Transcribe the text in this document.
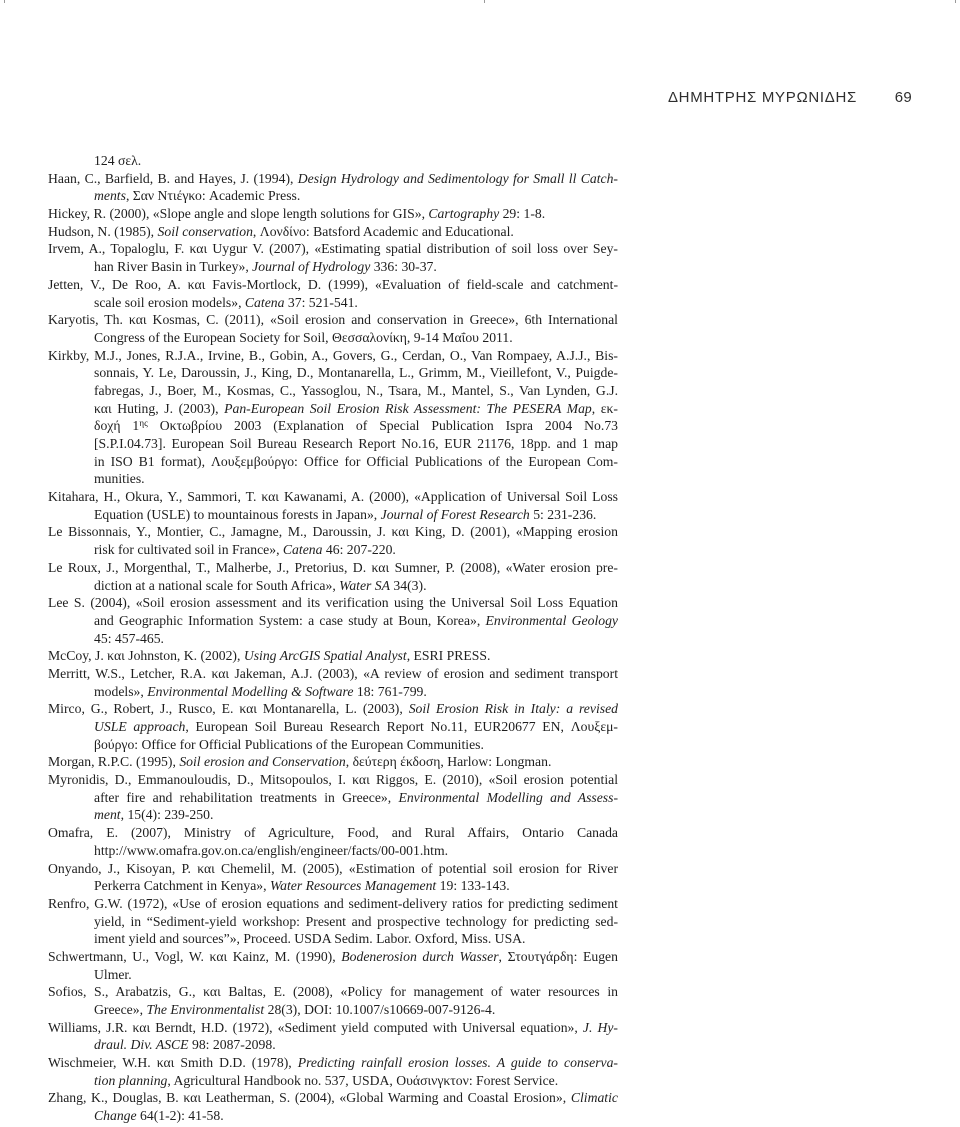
ΔΗΜΗΤΡΗΣ ΜΥΡΩΝΙΔΗΣ	69
124 σελ.
Haan, C., Barfield, B. and Hayes, J. (1994), Design Hydrology and Sedimentology for Small ll Catch-
ments, Σαν Ντιέγκο: Academic Press.
Hickey, R. (2000), «Slope angle and slope length solutions for GIS», Cartography 29: 1-8.
Hudson, N. (1985), Soil conservation, Λονδίνο: Batsford Academic and Educational.
Irvem, A., Topaloglu, F. και Uygur V. (2007), «Estimating spatial distribution of soil loss over Sey-
han River Basin in Turkey», Journal of Hydrology 336: 30-37.
Jetten, V., De Roo, A. και Favis-Mortlock, D. (1999), «Evaluation of field-scale and catchment-
scale soil erosion models», Catena 37: 521-541.
Karyotis, Th. και Kosmas, C. (2011), «Soil erosion and conservation in Greece», 6th International
Congress of the European Society for Soil, Θεσσαλονίκη, 9-14 Μαΐου 2011.
Kirkby, M.J., Jones, R.J.A., Irvine, B., Gobin, A., Govers, G., Cerdan, O., Van Rompaey, A.J.J., Bis-
sonnais, Y. Le, Daroussin, J., King, D., Montanarella, L., Grimm, M., Vieillefont, V., Puigde-
fabregas, J., Boer, M., Kosmas, C., Yassoglou, N., Tsara, M., Mantel, S., Van Lynden, G.J.
και Huting, J. (2003), Pan-European Soil Erosion Risk Assessment: The PESERA Map, εκ-
δοχή $1^{\eta\varsigma}$ Οκτωβρίου 2003 (Explanation of Special Publication Ispra 2004 No.73
[S.P.I.04.73]. European Soil Bureau Research Report No.16, EUR 21176, 18pp. and 1 map
in ISO B1 format), Λουξεμβούργο: Office for Official Publications of the European Com-
munities.
Kitahara, H., Okura, Y., Sammori, T. και Kawanami, A. (2000), «Application of Universal Soil Loss
Equation (USLE) to mountainous forests in Japan», Journal of Forest Research 5: 231-236.
Le Bissonnais, Y., Montier, C., Jamagne, M., Daroussin, J. και King, D. (2001), «Mapping erosion
risk for cultivated soil in France», Catena 46: 207-220.
Le Roux, J., Morgenthal, T., Malherbe, J., Pretorius, D. και Sumner, P. (2008), «Water erosion pre-
diction at a national scale for South Africa», Water SA 34(3).
Lee S. (2004), «Soil erosion assessment and its verification using the Universal Soil Loss Equation
and Geographic Information System: a case study at Boun, Korea», Environmental Geology
45: 457-465.
McCoy, J. και Johnston, K. (2002), Using ArcGIS Spatial Analyst, ESRI PRESS.
Merritt, W.S., Letcher, R.A. και Jakeman, A.J. (2003), «A review of erosion and sediment transport
models», Environmental Modelling & Software 18: 761-799.
Mirco, G., Robert, J., Rusco, E. και Montanarella, L. (2003), Soil Erosion Risk in Italy: a revised
USLE approach, European Soil Bureau Research Report No.11, EUR20677 EN, Λουξεμ-
βούργο: Office for Official Publications of the European Communities.
Morgan, R.P.C. (1995), Soil erosion and Conservation, δεύτερη έκδοση, Harlow: Longman.
Myronidis, D., Emmanouloudis, D., Mitsopoulos, I. και Riggos, E. (2010), «Soil erosion potential
after fire and rehabilitation treatments in Greece», Environmental Modelling and Assess-
ment, 15(4): 239-250.
Omafra, E. (2007), Ministry of Agriculture, Food, and Rural Affairs, Ontario Canada
http://www.omafra.gov.on.ca/english/engineer/facts/00-001.htm.
Onyando, J., Kisoyan, P. και Chemelil, M. (2005), «Estimation of potential soil erosion for River
Perkerra Catchment in Kenya», Water Resources Management 19: 133-143.
Renfro, G.W. (1972), «Use of erosion equations and sediment-delivery ratios for predicting sediment
yield, in “Sediment-yield workshop: Present and prospective technology for predicting sed-
iment yield and sources”», Proceed. USDA Sedim. Labor. Oxford, Miss. USA.
Schwertmann, U., Vogl, W. και Kainz, M. (1990), Bodenerosion durch Wasser, Στουτγάρδη: Eugen
Ulmer.
Sofios, S., Arabatzis, G., και Baltas, E. (2008), «Policy for management of water resources in
Greece», The Environmentalist 28(3), DOI: 10.1007/s10669-007-9126-4.
Williams, J.R. και Berndt, H.D. (1972), «Sediment yield computed with Universal equation», J. Hy-
draul. Div. ASCE 98: 2087-2098.
Wischmeier, W.H. και Smith D.D. (1978), Predicting rainfall erosion losses. A guide to conserva-
tion planning, Agricultural Handbook no. 537, USDA, Ουάσινγκτον: Forest Service.
Zhang, K., Douglas, B. και Leatherman, S. (2004), «Global Warming and Coastal Erosion», Climatic
Change 64(1-2): 41-58.
